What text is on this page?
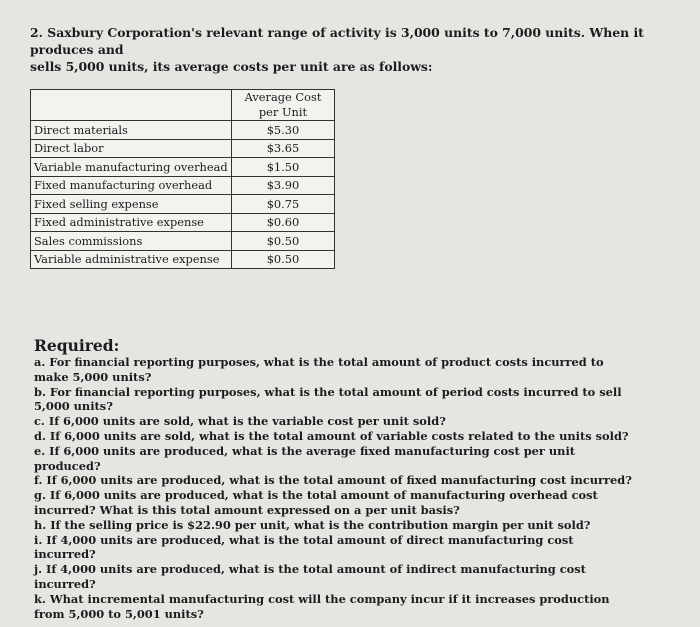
2. Saxbury Corporation's relevant range of activity is 3,000 units to 7,000 units. When it produces and
sells 5,000 units, its average costs per unit are as follows:
	Average Cost per Unit
Direct materials	$5.30
Direct labor	$3.65
Variable manufacturing overhead	$1.50
Fixed manufacturing overhead	$3.90
Fixed selling expense	$0.75
Fixed administrative expense	$0.60
Sales commissions	$0.50
Variable administrative expense	$0.50
Required:
a. For financial reporting purposes, what is the total amount of product costs incurred to make 5,000 units?
b. For financial reporting purposes, what is the total amount of period costs incurred to sell 5,000 units?
c. If 6,000 units are sold, what is the variable cost per unit sold?
d. If 6,000 units are sold, what is the total amount of variable costs related to the units sold?
e. If 6,000 units are produced, what is the average fixed manufacturing cost per unit produced?
f. If 6,000 units are produced, what is the total amount of fixed manufacturing cost incurred?
g. If 6,000 units are produced, what is the total amount of manufacturing overhead cost incurred? What is this total amount expressed on a per unit basis?
h. If the selling price is $22.90 per unit, what is the contribution margin per unit sold?
i. If 4,000 units are produced, what is the total amount of direct manufacturing cost incurred?
j. If 4,000 units are produced, what is the total amount of indirect manufacturing cost incurred?
k. What incremental manufacturing cost will the company incur if it increases production from 5,000 to 5,001 units?
